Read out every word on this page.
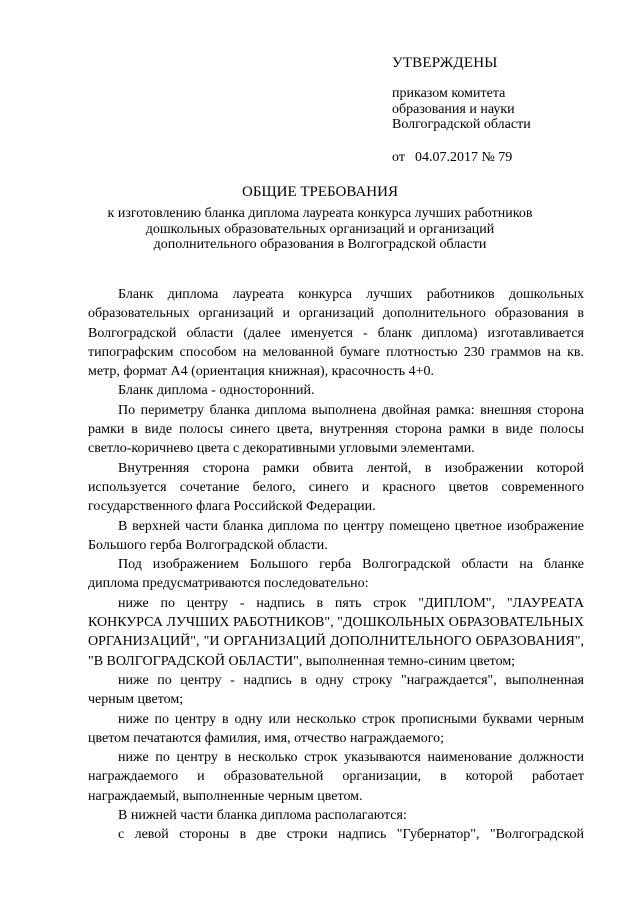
УТВЕРЖДЕНЫ
приказом комитета
образования и науки
Волгоградской области
от 04.07.2017 № 79
ОБЩИЕ ТРЕБОВАНИЯ
к изготовлению бланка диплома лауреата конкурса лучших работников
дошкольных образовательных организаций и организаций
дополнительного образования в Волгоградской области

Бланк диплома лауреата конкурса лучших работников дошкольных образовательных организаций и организаций дополнительного образования в Волгоградской области (далее именуется - бланк диплома) изготавливается типографским способом на мелованной бумаге плотностью 230 граммов на кв. метр, формат А4 (ориентация книжная), красочность 4+0.

Бланк диплома - односторонний.

По периметру бланка диплома выполнена двойная рамка: внешняя сторона рамки в виде полосы синего цвета, внутренняя сторона рамки в виде полосы светло-коричнево цвета с декоративными угловыми элементами.

Внутренняя сторона рамки обвита лентой, в изображении которой используется сочетание белого, синего и красного цветов современного государственного флага Российской Федерации.

В верхней части бланка диплома по центру помещено цветное изображение Большого герба Волгоградской области.

Под изображением Большого герба Волгоградской области на бланке диплома предусматриваются последовательно:

ниже по центру - надпись в пять строк "ДИПЛОМ", "ЛАУРЕАТА КОНКУРСА ЛУЧШИХ РАБОТНИКОВ", "ДОШКОЛЬНЫХ ОБРАЗОВАТЕЛЬНЫХ ОРГАНИЗАЦИЙ", "И ОРГАНИЗАЦИЙ ДОПОЛНИТЕЛЬНОГО ОБРАЗОВАНИЯ", "В ВОЛГОГРАДСКОЙ ОБЛАСТИ", выполненная темно-синим цветом;

ниже по центру - надпись в одну строку "награждается", выполненная черным цветом;

ниже по центру в одну или несколько строк прописными буквами черным цветом печатаются фамилия, имя, отчество награждаемого;

ниже по центру в несколько строк указываются наименование должности награждаемого и образовательной организации, в которой работает награждаемый, выполненные черным цветом.

В нижней части бланка диплома располагаются:

с левой стороны в две строки надпись "Губернатор", "Волгоградской
